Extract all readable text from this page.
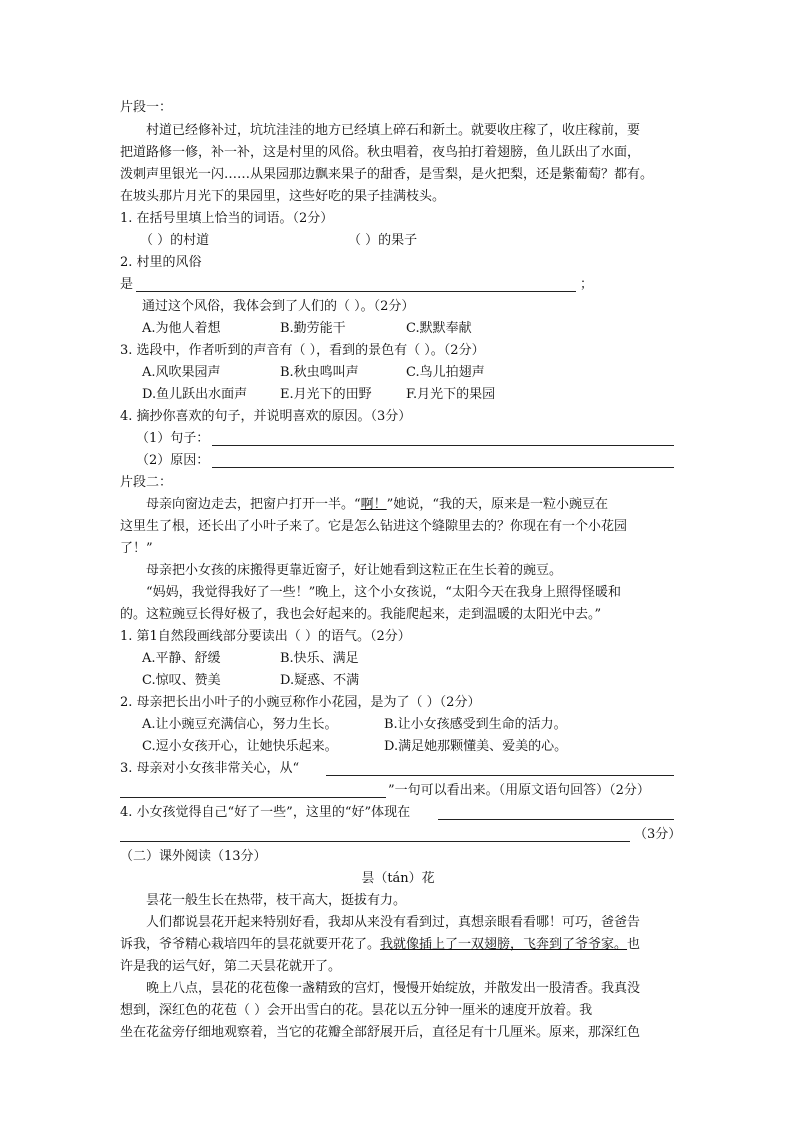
片段一：
村道已经修补过，坑坑洼洼的地方已经填上碎石和新土。就要收庄稼了，收庄稼前，要
把道路修一修，补一补，这是村里的风俗。秋虫唱着，夜鸟拍打着翅膀，鱼儿跃出了水面，
泼刺声里银光一闪……从果园那边飘来果子的甜香，是雪梨，是火把梨，还是紫葡萄？都有。
在坡头那片月光下的果园里，这些好吃的果子挂满枝头。
1. 在括号里填上恰当的词语。（2分）
（ ）的村道	（ ）的果子
2. 村里的风俗
是	；
通过这个风俗，我体会到了人们的（ ）。（2分）
A.为他人着想	B.勤劳能干	C.默默奉献
3. 选段中，作者听到的声音有（ ），看到的景色有（ ）。（2分）
A.风吹果园声	B.秋虫鸣叫声	C.鸟儿拍翅声
D.鱼儿跃出水面声	E.月光下的田野	F.月光下的果园
4. 摘抄你喜欢的句子，并说明喜欢的原因。（3分）
（1）句子：
（2）原因：
片段二：
母亲向窗边走去，把窗户打开一半。“啊！”她说，“我的天，原来是一粒小豌豆在
这里生了根，还长出了小叶子来了。它是怎么钻进这个缝隙里去的？你现在有一个小花园
了！”
母亲把小女孩的床搬得更靠近窗子，好让她看到这粒正在生长着的豌豆。
“妈妈，我觉得我好了一些！”晚上，这个小女孩说，“太阳今天在我身上照得怪暖和
的。这粒豌豆长得好极了，我也会好起来的。我能爬起来，走到温暖的太阳光中去。”
1. 第1自然段画线部分要读出（ ）的语气。（2分）
A.平静、舒缓	B.快乐、满足
C.惊叹、赞美	D.疑惑、不满
2. 母亲把长出小叶子的小豌豆称作小花园，是为了（ ）（2分）
A.让小豌豆充满信心，努力生长。	B.让小女孩感受到生命的活力。
C.逗小女孩开心，让她快乐起来。	D.满足她那颗懂美、爱美的心。
3. 母亲对小女孩非常关心，从“
”一句可以看出来。（用原文语句回答）（2分）
4. 小女孩觉得自己“好了一些”，这里的“好”体现在
（3分）
（二）课外阅读（13分）
昙（tán）花
昙花一般生长在热带，枝干高大，挺拔有力。
人们都说昙花开起来特别好看，我却从来没有看到过，真想亲眼看看哪！可巧，爸爸告
诉我，爷爷精心栽培四年的昙花就要开花了。我就像插上了一双翅膀，飞奔到了爷爷家。也
许是我的运气好，第二天昙花就开了。
晚上八点，昙花的花苞像一盏精致的宫灯，慢慢开始绽放，并散发出一股清香。我真没
想到，深红色的花苞（ ）会开出雪白的花。昙花以五分钟一厘米的速度开放着。我
坐在花盆旁仔细地观察着，当它的花瓣全部舒展开后，直径足有十几厘米。原来，那深红色
